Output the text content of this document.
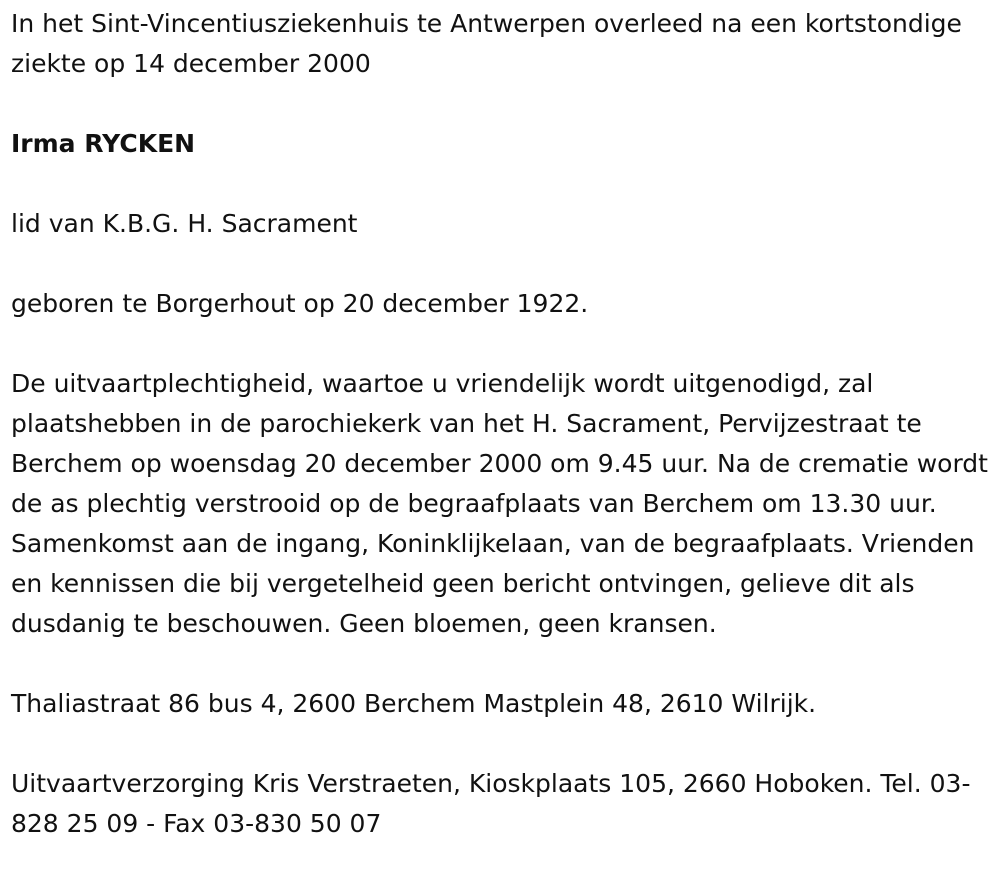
In het Sint-Vincentiusziekenhuis te Antwerpen overleed na een kortstondige ziekte op 14 december 2000

Irma RYCKEN

lid van K.B.G. H. Sacrament

geboren te Borgerhout op 20 december 1922.

De uitvaartplechtigheid, waartoe u vriendelijk wordt uitgenodigd, zal plaatshebben in de parochiekerk van het H. Sacrament, Pervijzestraat te Berchem op woensdag 20 december 2000 om 9.45 uur. Na de crematie wordt de as plechtig verstrooid op de begraafplaats van Berchem om 13.30 uur. Samenkomst aan de ingang, Koninklijkelaan, van de begraafplaats. Vrienden en kennissen die bij vergetelheid geen bericht ontvingen, gelieve dit als dusdanig te beschouwen. Geen bloemen, geen kransen.

Thaliastraat 86 bus 4, 2600 Berchem Mastplein 48, 2610 Wilrijk.

Uitvaartverzorging Kris Verstraeten, Kioskplaats 105, 2660 Hoboken. Tel. 03-828 25 09 - Fax 03-830 50 07
